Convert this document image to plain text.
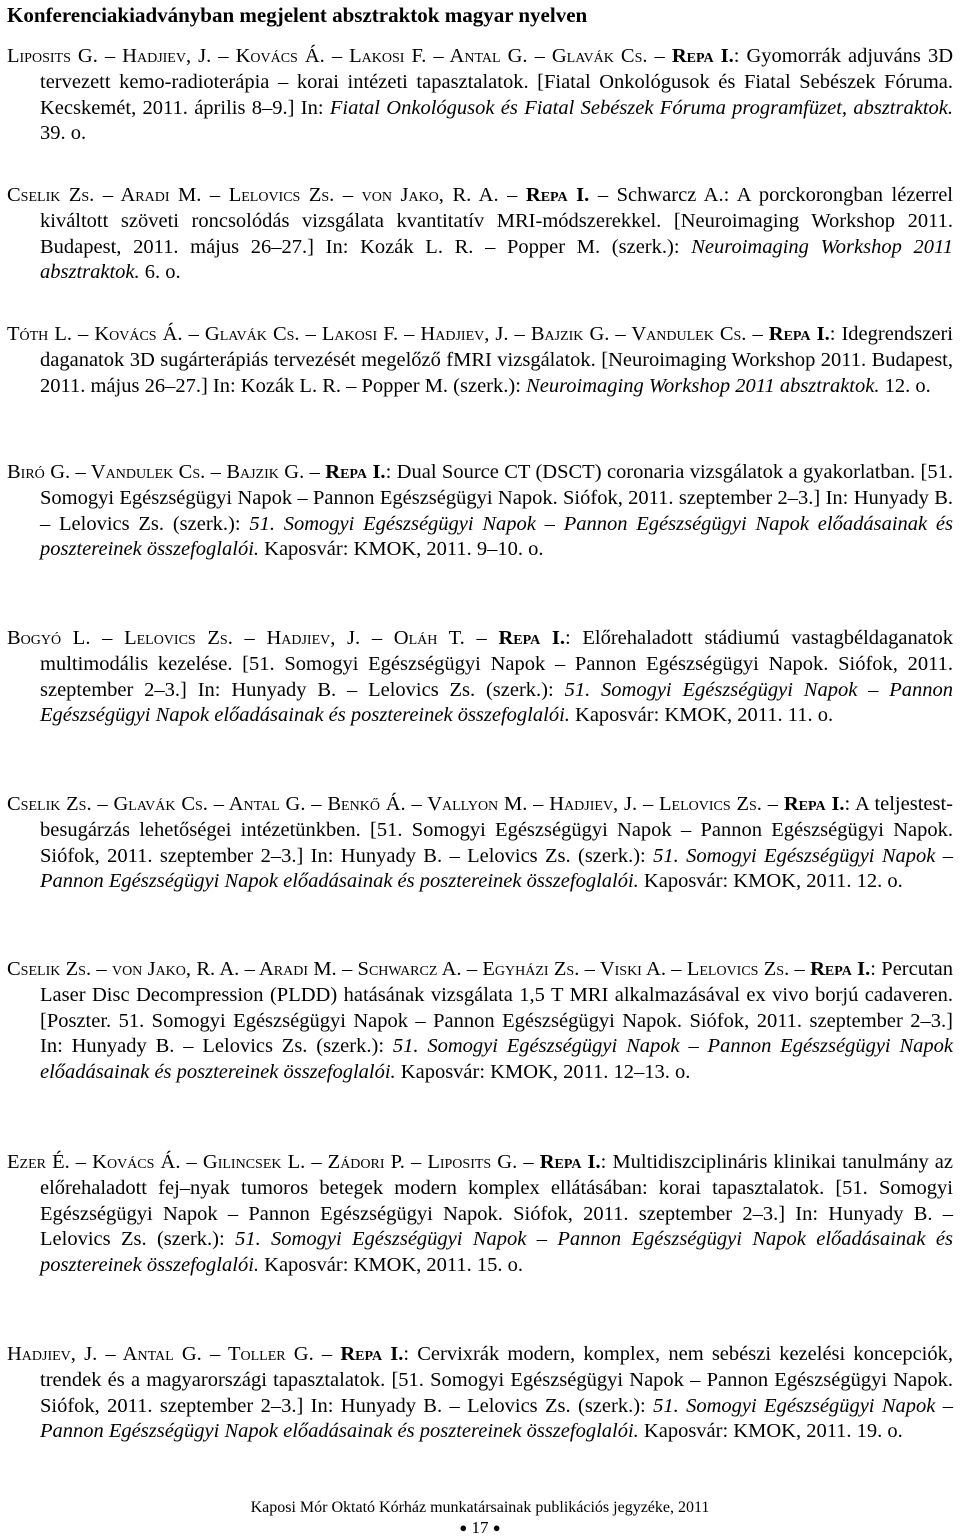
Konferenciakiadványban megjelent absztraktok magyar nyelven
Liposits G. – Hadjiev, J. – Kovács Á. – Lakosi F. – Antal G. – Glavák Cs. – Repa I.: Gyomorrák adjuváns 3D tervezett kemo-radioterápia – korai intézeti tapasztalatok. [Fiatal Onkológusok és Fiatal Sebészek Fóruma. Kecskemét, 2011. április 8–9.] In: Fiatal Onkológusok és Fiatal Sebészek Fóruma programfüzet, absztraktok. 39. o.
Cselik Zs. – Aradi M. – Lelovics Zs. – von Jako, R. A. – Repa I. – Schwarcz A.: A porckorongban lézerrel kiváltott szöveti roncsolódás vizsgálata kvantitatív MRI-módszerekkel. [Neuroimaging Workshop 2011. Budapest, 2011. május 26–27.] In: Kozák L. R. – Popper M. (szerk.): Neuroimaging Workshop 2011 absztraktok. 6. o.
Tóth L. – Kovács Á. – Glavák Cs. – Lakosi F. – Hadjiev, J. – Bajzik G. – Vandulek Cs. – Repa I.: Idegrendszeri daganatok 3D sugárterápiás tervezését megelőző fMRI vizsgálatok. [Neuroimaging Workshop 2011. Budapest, 2011. május 26–27.] In: Kozák L. R. – Popper M. (szerk.): Neuroimaging Workshop 2011 absztraktok. 12. o.
Biró G. – Vandulek Cs. – Bajzik G. – Repa I.: Dual Source CT (DSCT) coronaria vizsgálatok a gyakorlatban. [51. Somogyi Egészségügyi Napok – Pannon Egészségügyi Napok. Siófok, 2011. szeptember 2–3.] In: Hunyady B. – Lelovics Zs. (szerk.): 51. Somogyi Egészségügyi Napok – Pannon Egészségügyi Napok előadásainak és posztereinek összefoglalói. Kaposvár: KMOK, 2011. 9–10. o.
Bogyó L. – Lelovics Zs. – Hadjiev, J. – Oláh T. – Repa I.: Előrehaladott stádiumú vastagbéldaganatok multimodális kezelése. [51. Somogyi Egészségügyi Napok – Pannon Egészségügyi Napok. Siófok, 2011. szeptember 2–3.] In: Hunyady B. – Lelovics Zs. (szerk.): 51. Somogyi Egészségügyi Napok – Pannon Egészségügyi Napok előadásainak és posztereinek összefoglalói. Kaposvár: KMOK, 2011. 11. o.
Cselik Zs. – Glavák Cs. – Antal G. – Benkő Á. – Vallyon M. – Hadjiev, J. – Lelovics Zs. – Repa I.: A teljestest-besugárzás lehetőségei intézetünkben. [51. Somogyi Egészségügyi Napok – Pannon Egészségügyi Napok. Siófok, 2011. szeptember 2–3.] In: Hunyady B. – Lelovics Zs. (szerk.): 51. Somogyi Egészségügyi Napok – Pannon Egészségügyi Napok előadásainak és posztereinek összefoglalói. Kaposvár: KMOK, 2011. 12. o.
Cselik Zs. – von Jako, R. A. – Aradi M. – Schwarcz A. – Egyházi Zs. – Viski A. – Lelovics Zs. – Repa I.: Percutan Laser Disc Decompression (PLDD) hatásának vizsgálata 1,5 T MRI alkalmazásával ex vivo borjú cadaveren. [Poszter. 51. Somogyi Egészségügyi Napok – Pannon Egészségügyi Napok. Siófok, 2011. szeptember 2–3.] In: Hunyady B. – Lelovics Zs. (szerk.): 51. Somogyi Egészségügyi Napok – Pannon Egészségügyi Napok előadásainak és posztereinek összefoglalói. Kaposvár: KMOK, 2011. 12–13. o.
Ezer É. – Kovács Á. – Gilincsek L. – Zádori P. – Liposits G. – Repa I.: Multidiszciplináris klinikai tanulmány az előrehaladott fej–nyak tumoros betegek modern komplex ellátásában: korai tapasztalatok. [51. Somogyi Egészségügyi Napok – Pannon Egészségügyi Napok. Siófok, 2011. szeptember 2–3.] In: Hunyady B. – Lelovics Zs. (szerk.): 51. Somogyi Egészségügyi Napok – Pannon Egészségügyi Napok előadásainak és posztereinek összefoglalói. Kaposvár: KMOK, 2011. 15. o.
Hadjiev, J. – Antal G. – Toller G. – Repa I.: Cervixrák modern, komplex, nem sebészi kezelési koncepciók, trendek és a magyarországi tapasztalatok. [51. Somogyi Egészségügyi Napok – Pannon Egészségügyi Napok. Siófok, 2011. szeptember 2–3.] In: Hunyady B. – Lelovics Zs. (szerk.): 51. Somogyi Egészségügyi Napok – Pannon Egészségügyi Napok előadásainak és posztereinek összefoglalói. Kaposvár: KMOK, 2011. 19. o.
Kaposi Mór Oktató Kórház munkatársainak publikációs jegyzéke, 2011
● 17 ●
